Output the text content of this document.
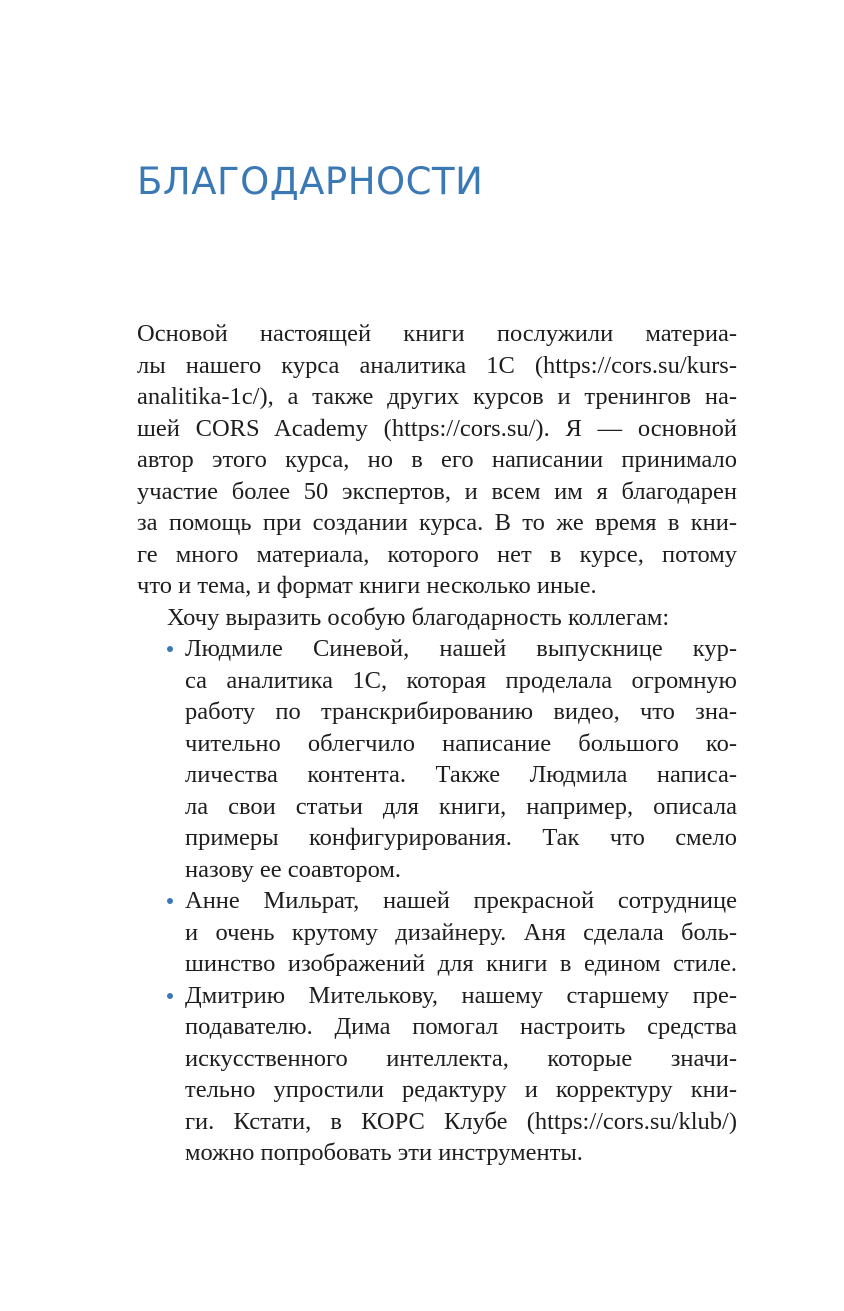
БЛАГОДАРНОСТИ
Основой настоящей книги послужили материа-
лы нашего курса аналитика 1С (https://cors.su/kurs-
analitika-1c/), а также других курсов и тренингов на-
шей CORS Academy (https://cors.su/). Я — основной
автор этого курса, но в его написании принимало
участие более 50 экспертов, и всем им я благодарен
за помощь при создании курса. В то же время в кни-
ге много материала, которого нет в курсе, потому
что и тема, и формат книги несколько иные.
Хочу выразить особую благодарность коллегам:
Людмиле Синевой, нашей выпускнице кур-
са аналитика 1С, которая проделала огромную
работу по транскрибированию видео, что зна-
чительно облегчило написание большого ко-
личества контента. Также Людмила написа-
ла свои статьи для книги, например, описала
примеры конфигурирования. Так что смело
назову ее соавтором.
Анне Мильрат, нашей прекрасной сотруднице
и очень крутому дизайнеру. Аня сделала боль-
шинство изображений для книги в едином стиле.
Дмитрию Мителькову, нашему старшему пре-
подавателю. Дима помогал настроить средства
искусственного интеллекта, которые значи-
тельно упростили редактуру и корректуру кни-
ги. Кстати, в КОРС Клубе (https://cors.su/klub/)
можно попробовать эти инструменты.
